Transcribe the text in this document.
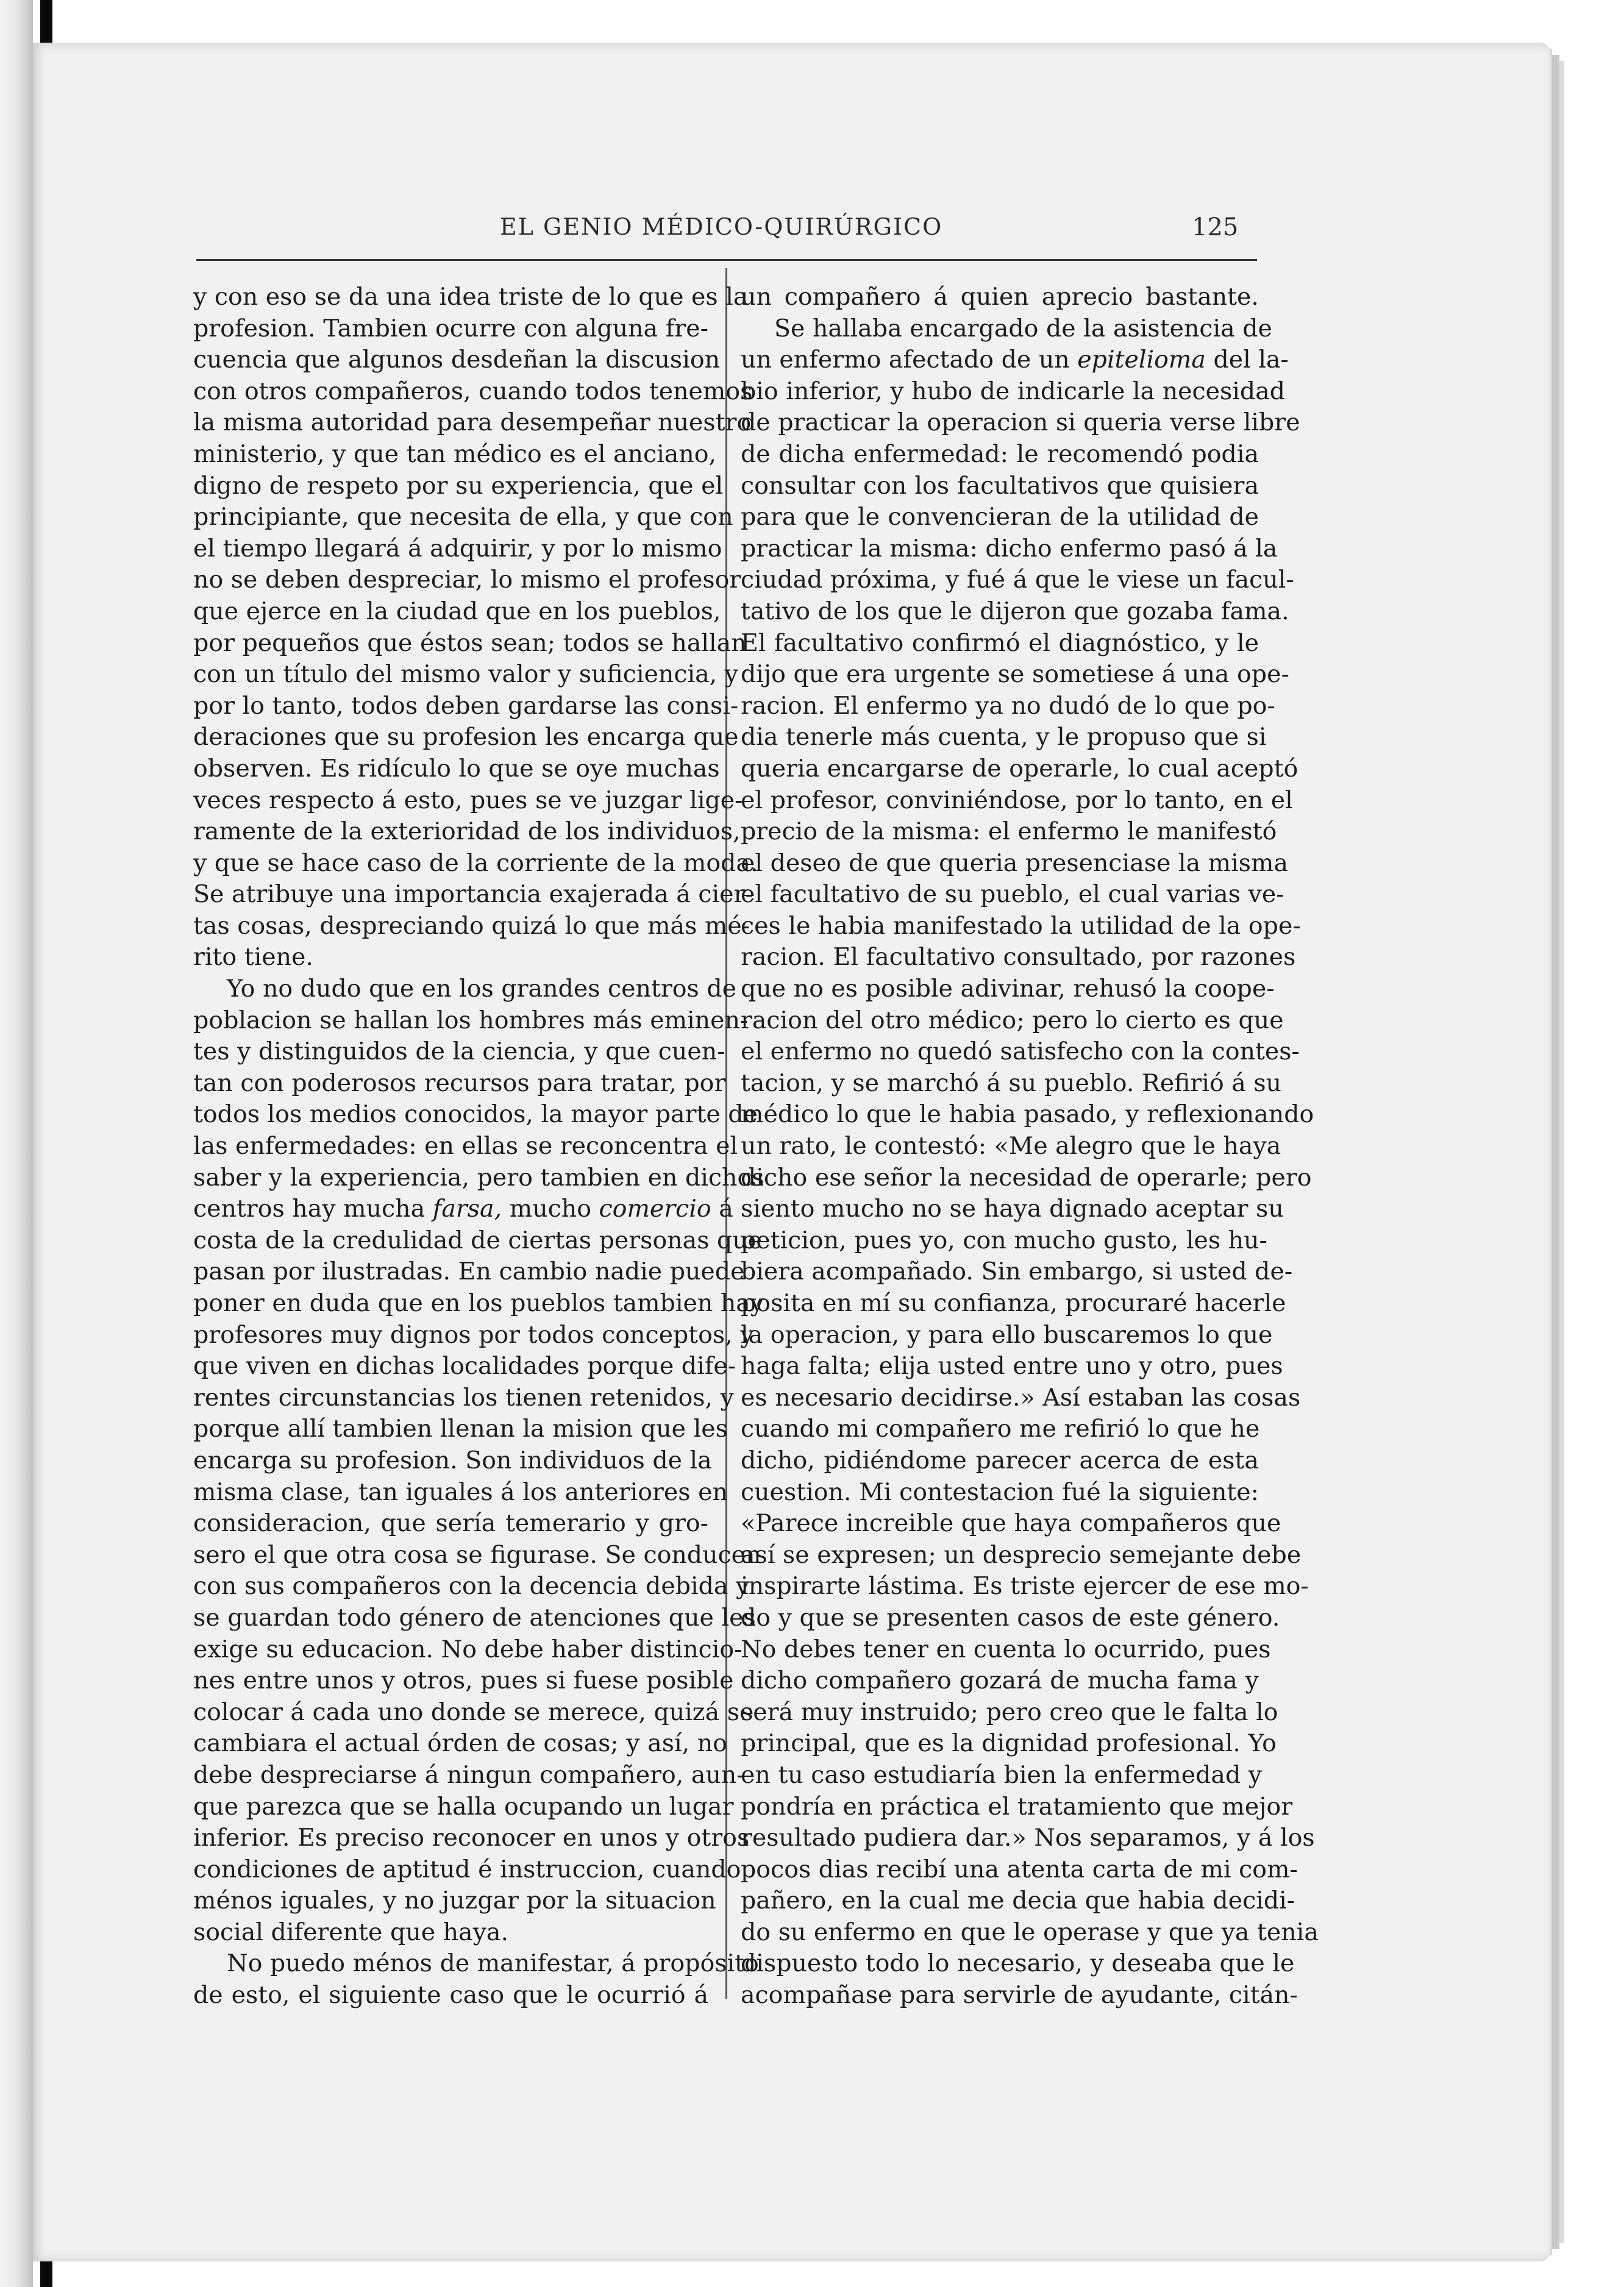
EL GENIO MÉDICO-QUIRÚRGICO	125
y con eso se da una idea triste de lo que es la
profesion. Tambien ocurre con alguna fre-
cuencia que algunos desdeñan la discusion
con otros compañeros, cuando todos tenemos
la misma autoridad para desempeñar nuestro
ministerio, y que tan médico es el anciano,
digno de respeto por su experiencia, que el
principiante, que necesita de ella, y que con
el tiempo llegará á adquirir, y por lo mismo
no se deben despreciar, lo mismo el profesor
que ejerce en la ciudad que en los pueblos,
por pequeños que éstos sean; todos se hallan
con un título del mismo valor y suficiencia, y
por lo tanto, todos deben gardarse las consi-
deraciones que su profesion les encarga que
observen. Es ridículo lo que se oye muchas
veces respecto á esto, pues se ve juzgar lige-
ramente de la exterioridad de los individuos,
y que se hace caso de la corriente de la moda.
Se atribuye una importancia exajerada á cier-
tas cosas, despreciando quizá lo que más mé-
rito tiene.
Yo no dudo que en los grandes centros de
poblacion se hallan los hombres más eminen-
tes y distinguidos de la ciencia, y que cuen-
tan con poderosos recursos para tratar, por
todos los medios conocidos, la mayor parte de
las enfermedades: en ellas se reconcentra el
saber y la experiencia, pero tambien en dichos
centros hay mucha farsa, mucho comercio á
costa de la credulidad de ciertas personas que
pasan por ilustradas. En cambio nadie puede
poner en duda que en los pueblos tambien hay
profesores muy dignos por todos conceptos, y
que viven en dichas localidades porque dife-
rentes circunstancias los tienen retenidos, y
porque allí tambien llenan la mision que les
encarga su profesion. Son individuos de la
misma clase, tan iguales á los anteriores en
consideracion, que sería temerario y gro-
sero el que otra cosa se figurase. Se conducen
con sus compañeros con la decencia debida y
se guardan todo género de atenciones que les
exige su educacion. No debe haber distincio-
nes entre unos y otros, pues si fuese posible
colocar á cada uno donde se merece, quizá se
cambiara el actual órden de cosas; y así, no
debe despreciarse á ningun compañero, aun-
que parezca que se halla ocupando un lugar
inferior. Es preciso reconocer en unos y otros
condiciones de aptitud é instruccion, cuando
ménos iguales, y no juzgar por la situacion
social diferente que haya.
No puedo ménos de manifestar, á propósito
de esto, el siguiente caso que le ocurrió á
un compañero á quien aprecio bastante.
Se hallaba encargado de la asistencia de
un enfermo afectado de un epitelioma del la-
bio inferior, y hubo de indicarle la necesidad
de practicar la operacion si queria verse libre
de dicha enfermedad: le recomendó podia
consultar con los facultativos que quisiera
para que le convencieran de la utilidad de
practicar la misma: dicho enfermo pasó á la
ciudad próxima, y fué á que le viese un facul-
tativo de los que le dijeron que gozaba fama.
El facultativo confirmó el diagnóstico, y le
dijo que era urgente se sometiese á una ope-
racion. El enfermo ya no dudó de lo que po-
dia tenerle más cuenta, y le propuso que si
queria encargarse de operarle, lo cual aceptó
el profesor, conviniéndose, por lo tanto, en el
precio de la misma: el enfermo le manifestó
el deseo de que queria presenciase la misma
el facultativo de su pueblo, el cual varias ve-
ces le habia manifestado la utilidad de la ope-
racion. El facultativo consultado, por razones
que no es posible adivinar, rehusó la coope-
racion del otro médico; pero lo cierto es que
el enfermo no quedó satisfecho con la contes-
tacion, y se marchó á su pueblo. Refirió á su
médico lo que le habia pasado, y reflexionando
un rato, le contestó: «Me alegro que le haya
dicho ese señor la necesidad de operarle; pero
siento mucho no se haya dignado aceptar su
peticion, pues yo, con mucho gusto, les hu-
biera acompañado. Sin embargo, si usted de-
posita en mí su confianza, procuraré hacerle
la operacion, y para ello buscaremos lo que
haga falta; elija usted entre uno y otro, pues
es necesario decidirse.» Así estaban las cosas
cuando mi compañero me refirió lo que he
dicho, pidiéndome parecer acerca de esta
cuestion. Mi contestacion fué la siguiente:
«Parece increible que haya compañeros que
así se expresen; un desprecio semejante debe
inspirarte lástima. Es triste ejercer de ese mo-
do y que se presenten casos de este género.
No debes tener en cuenta lo ocurrido, pues
dicho compañero gozará de mucha fama y
será muy instruido; pero creo que le falta lo
principal, que es la dignidad profesional. Yo
en tu caso estudiaría bien la enfermedad y
pondría en práctica el tratamiento que mejor
resultado pudiera dar.» Nos separamos, y á los
pocos dias recibí una atenta carta de mi com-
pañero, en la cual me decia que habia decidi-
do su enfermo en que le operase y que ya tenia
dispuesto todo lo necesario, y deseaba que le
acompañase para servirle de ayudante, citán-
